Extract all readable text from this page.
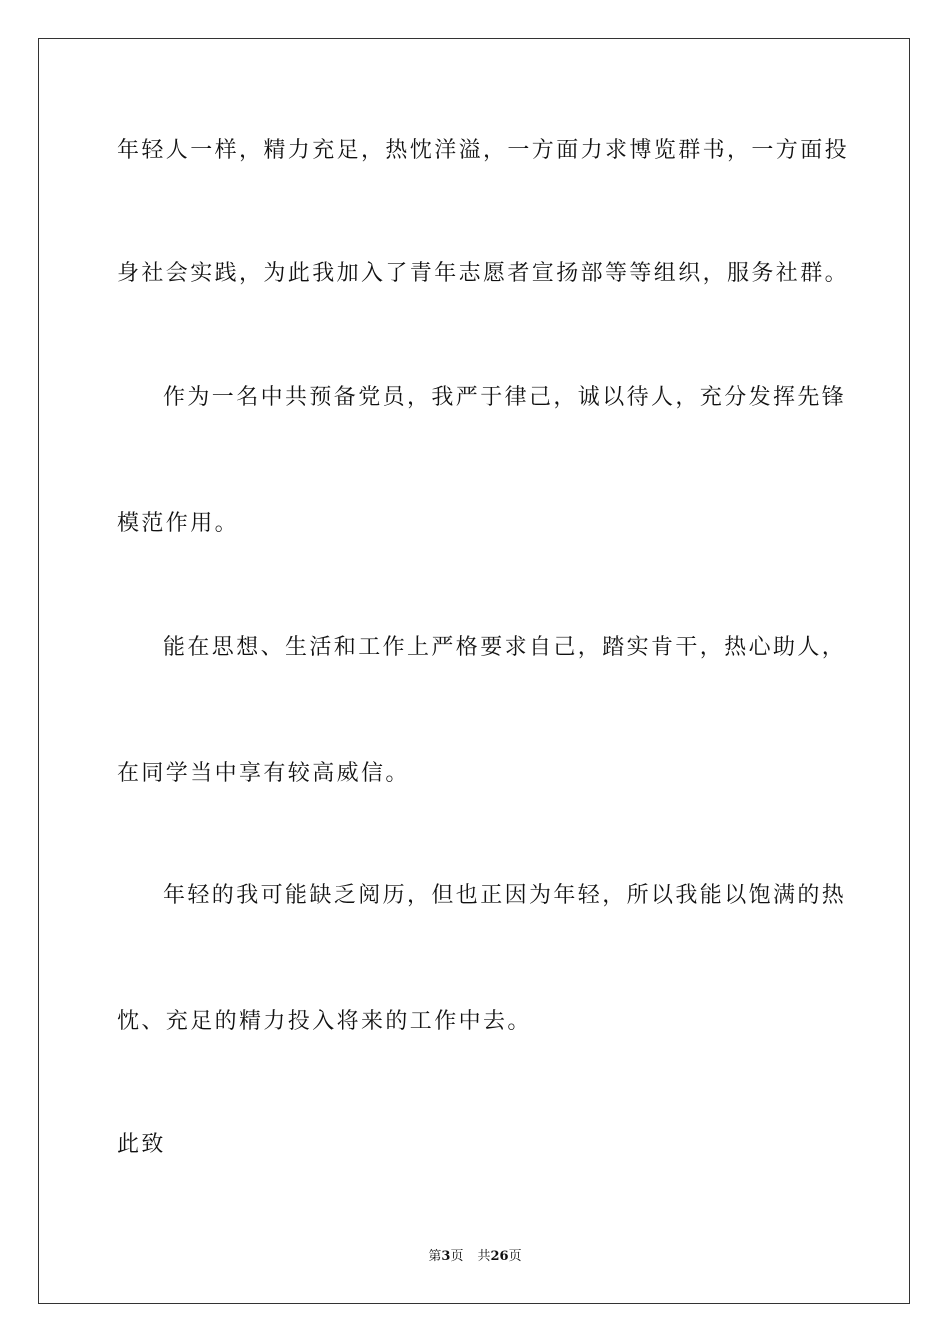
年轻人一样，精力充足，热忱洋溢，一方面力求博览群书，一方面投
身社会实践，为此我加入了青年志愿者宣扬部等等组织，服务社群。
作为一名中共预备党员，我严于律己，诚以待人，充分发挥先锋
模范作用。
能在思想、生活和工作上严格要求自己，踏实肯干，热心助人，
在同学当中享有较高威信。
年轻的我可能缺乏阅历，但也正因为年轻，所以我能以饱满的热
忱、充足的精力投入将来的工作中去。
此致
第3页 共26页
